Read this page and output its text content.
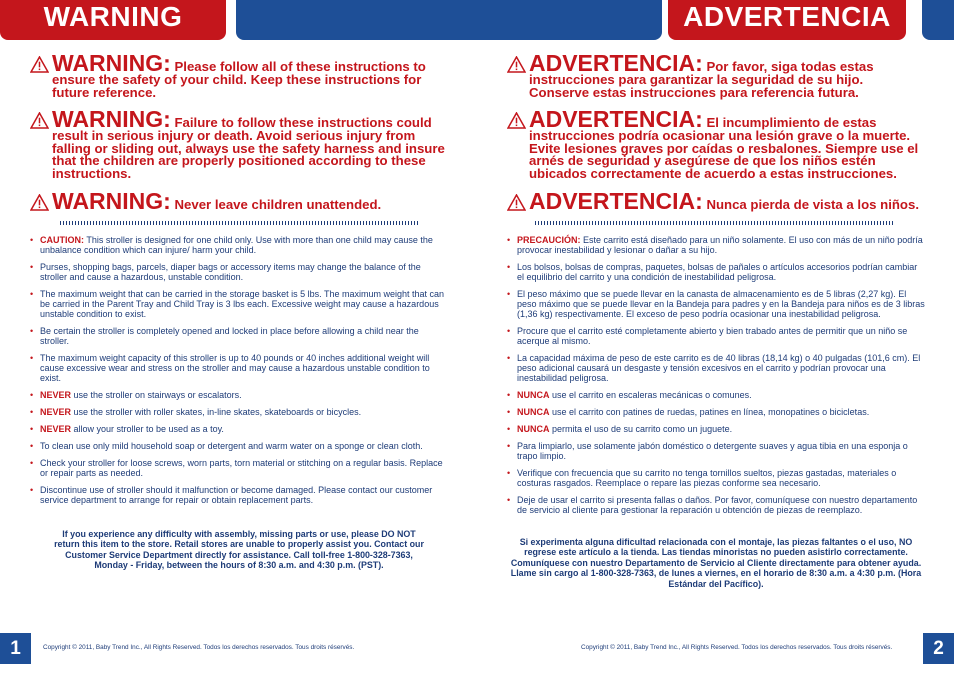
WARNING	ADVERTENCIA
WARNING: Please follow all of these instructions to ensure the safety of your child. Keep these instructions for future reference.
WARNING: Failure to follow these instructions could result in serious injury or death. Avoid serious injury from falling or sliding out, always use the safety harness and insure that the children are properly positioned according to these instructions.
WARNING: Never leave children unattended.
• CAUTION: This stroller is designed for one child only. Use with more than one child may cause the unbalance condition which can injure/ harm your child.
• Purses, shopping bags, parcels, diaper bags or accessory items may change the balance of the stroller and cause a hazardous, unstable condition.
• The maximum weight that can be carried in the storage basket is 5 lbs. The maximum weight that can be carried in the Parent Tray and Child Tray is 3 lbs each. Excessive weight may cause a hazardous unstable condition to exist.
• Be certain the stroller is completely opened and locked in place before allowing a child near the stroller.
• The maximum weight capacity of this stroller is up to 40 pounds or 40 inches additional weight will cause excessive wear and stress on the stroller and may cause a hazardous unstable condition to exist.
• NEVER use the stroller on stairways or escalators.
• NEVER use the stroller with roller skates, in-line skates, skateboards or bicycles.
• NEVER allow your stroller to be used as a toy.
• To clean use only mild household soap or detergent and warm water on a sponge or clean cloth.
• Check your stroller for loose screws, worn parts, torn material or stitching on a regular basis. Replace or repair parts as needed.
• Discontinue use of stroller should it malfunction or become damaged. Please contact our customer service department to arrange for repair or obtain replacement parts.
If you experience any difficulty with assembly, missing parts or use, please DO NOT return this item to the store. Retail stores are unable to properly assist you. Contact our Customer Service Department directly for assistance. Call toll-free 1-800-328-7363, Monday - Friday, between the hours of 8:30 a.m. and 4:30 p.m. (PST).
ADVERTENCIA: Por favor, siga todas estas instrucciones para garantizar la seguridad de su hijo. Conserve estas instrucciones para referencia futura.
ADVERTENCIA: El incumplimiento de estas instrucciones podría ocasionar una lesión grave o la muerte. Evite lesiones graves por caídas o resbalones. Siempre use el arnés de seguridad y asegúrese de que los niños estén ubicados correctamente de acuerdo a estas instrucciones.
ADVERTENCIA: Nunca pierda de vista a los niños.
• PRECAUCIÓN: Este carrito está diseñado para un niño solamente. El uso con más de un niño podría provocar inestabilidad y lesionar o dañar a su hijo.
• Los bolsos, bolsas de compras, paquetes, bolsas de pañales o artículos accesorios podrían cambiar el equilibrio del carrito y una condición de inestabilidad peligrosa.
• El peso máximo que se puede llevar en la canasta de almacenamiento es de 5 libras (2,27 kg). El peso máximo que se puede llevar en la Bandeja para padres y en la Bandeja para niños es de 3 libras (1,36 kg) respectivamente. El exceso de peso podría ocasionar una inestabilidad peligrosa.
• Procure que el carrito esté completamente abierto y bien trabado antes de permitir que un niño se acerque al mismo.
• La capacidad máxima de peso de este carrito es de 40 libras (18,14 kg) o 40 pulgadas (101,6 cm). El peso adicional causará un desgaste y tensión excesivos en el carrito y podrían provocar una inestabilidad peligrosa.
• NUNCA use el carrito en escaleras mecánicas o comunes.
• NUNCA use el carrito con patines de ruedas, patines en línea, monopatines o bicicletas.
• NUNCA permita el uso de su carrito como un juguete.
• Para limpiarlo, use solamente jabón doméstico o detergente suaves y agua tibia en una esponja o trapo limpio.
• Verifique con frecuencia que su carrito no tenga tornillos sueltos, piezas gastadas, materiales o costuras rasgados. Reemplace o repare las piezas conforme sea necesario.
• Deje de usar el carrito si presenta fallas o daños. Por favor, comuníquese con nuestro departamento de servicio al cliente para gestionar la reparación u obtención de piezas de reemplazo.
Si experimenta alguna dificultad relacionada con el montaje, las piezas faltantes o el uso, NO regrese este artículo a la tienda. Las tiendas minoristas no pueden asistirlo correctamente. Comuníquese con nuestro Departamento de Servicio al Cliente directamente para obtener ayuda. Llame sin cargo al 1-800-328-7363, de lunes a viernes, en el horario de 8:30 a.m. a 4:30 p.m. (Hora Estándar del Pacífico).
1	Copyright © 2011, Baby Trend Inc., All Rights Reserved. Todos los derechos reservados. Tous droits réservés.	Copyright © 2011, Baby Trend Inc., All Rights Reserved. Todos los derechos reservados. Tous droits réservés.	2
